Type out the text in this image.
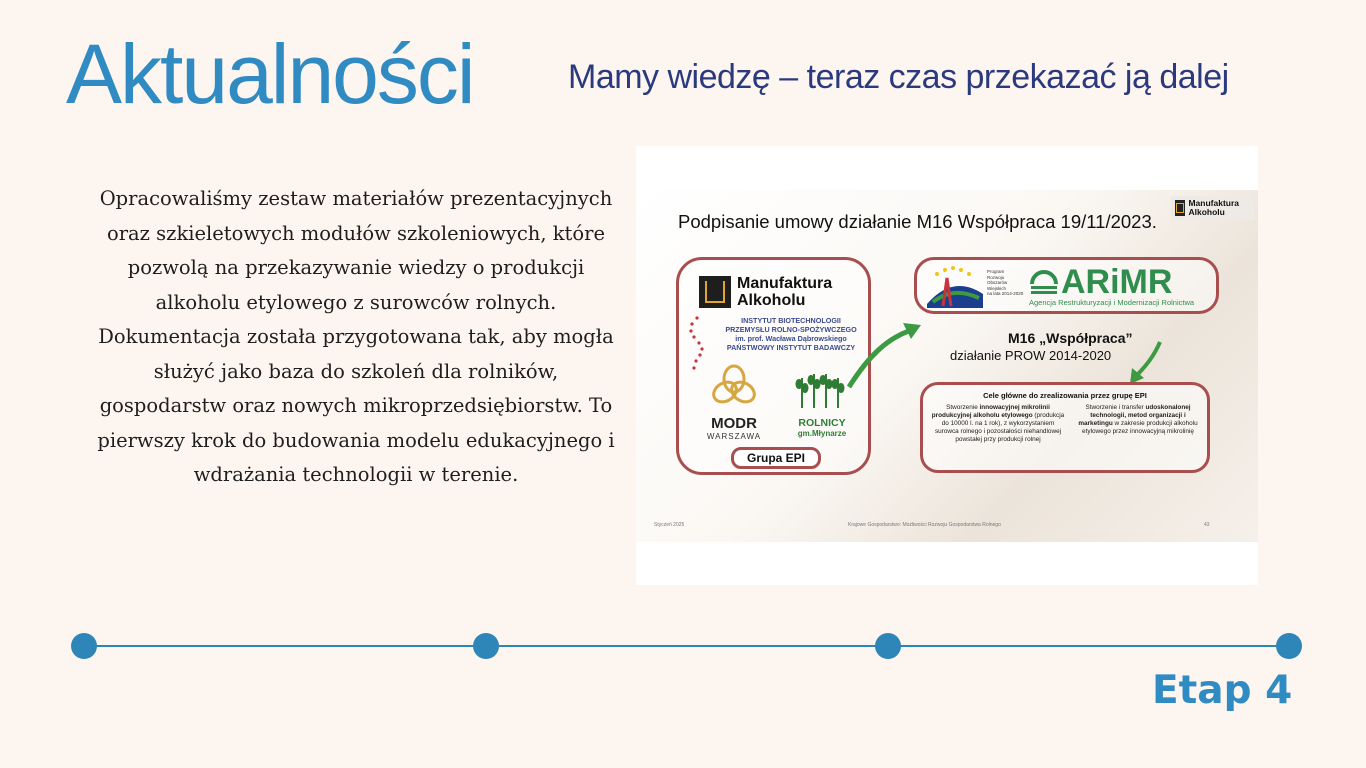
Aktualności	Mamy wiedzę – teraz czas przekazać ją dalej
Opracowaliśmy zestaw materiałów prezentacyjnych oraz szkieletowych modułów szkoleniowych, które pozwolą na przekazywanie wiedzy o produkcji alkoholu etylowego z surowców rolnych. Dokumentacja została przygotowana tak, aby mogła służyć jako baza do szkoleń dla rolników, gospodarstw oraz nowych mikroprzedsiębiorstw. To pierwszy krok do budowania modelu edukacyjnego i wdrażania technologii w terenie.
Podpisanie umowy działanie M16 Współpraca 19/11/2023.
Manufaktura Alkoholu
Manufaktura
Alkoholu
INSTYTUT BIOTECHNOLOGII
PRZEMYSŁU ROLNO-SPOŻYWCZEGO
im. prof. Wacława Dąbrowskiego
PAŃSTWOWY INSTYTUT BADAWCZY
MODR
WARSZAWA
ROLNICY
gm.Młynarze
Grupa EPI
Program
Rozwoju
Obszarów
Wiejskich
na lata 2014-2020 ARiMR
Agencja Restrukturyzacji i Modernizacji Rolnictwa
M16 „Współpraca”
działanie PROW 2014-2020
Cele główne do zrealizowania przez grupę EPI
Stworzenie innowacyjnej mikrolinii produkcyjnej alkoholu etylowego (produkcja do 10000 l. na 1 rok), z wykorzystaniem surowca rolnego i pozostałości niehandlowej powstałej przy produkcji rolnej
Stworzenie i transfer udoskonalonej technologii, metod organizacji i marketingu w zakresie produkcji alkoholu etylowego przez innowacyjną mikrolinię
Styczeń 2025	Krajowe Gospodarstwo: Możliwości Rozwoju Gospodarstwa Rolnego	43
Etap 4
